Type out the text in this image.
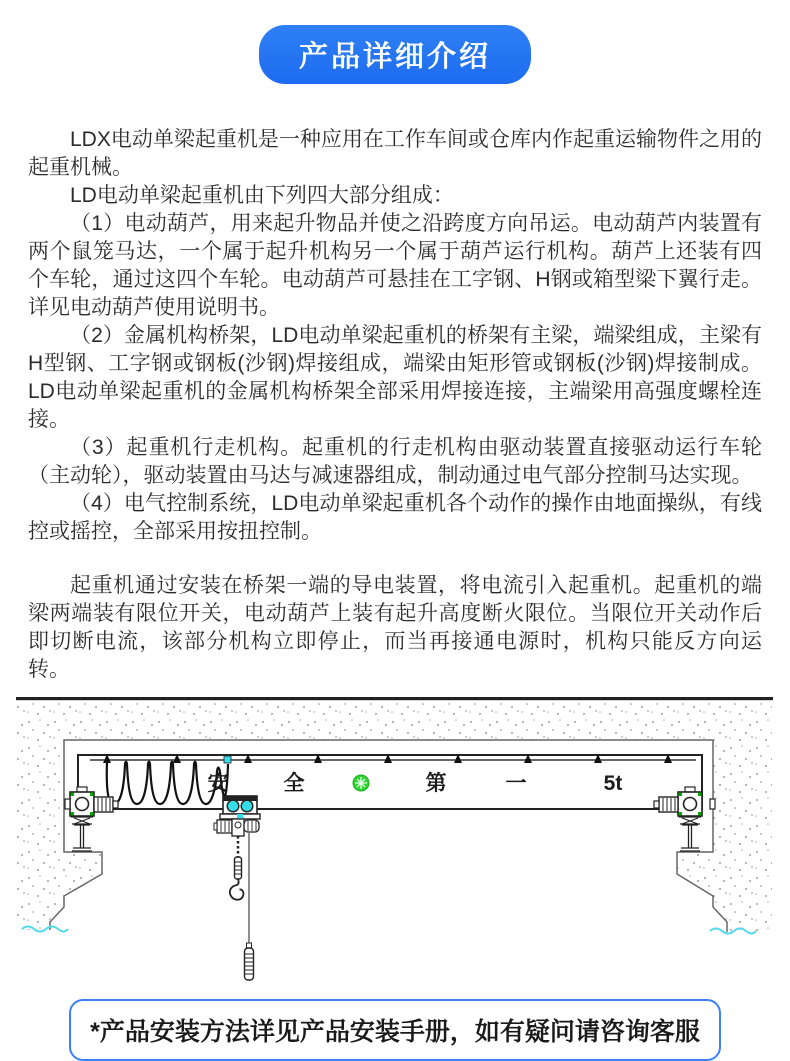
产品详细介绍

LDX电动单梁起重机是一种应用在工作车间或仓库内作起重运输物件之用的起重机械。

LD电动单梁起重机由下列四大部分组成：

（1）电动葫芦，用来起升物品并使之沿跨度方向吊运。电动葫芦内装置有两个鼠笼马达，一个属于起升机构另一个属于葫芦运行机构。葫芦上还装有四个车轮，通过这四个车轮。电动葫芦可悬挂在工字钢、H钢或箱型梁下翼行走。详见电动葫芦使用说明书。

（2）金属机构桥架，LD电动单梁起重机的桥架有主梁，端梁组成，主梁有H型钢、工字钢或钢板(沙钢)焊接组成，端梁由矩形管或钢板(沙钢)焊接制成。LD电动单梁起重机的金属机构桥架全部采用焊接连接，主端梁用高强度螺栓连接。

（3）起重机行走机构。起重机的行走机构由驱动装置直接驱动运行车轮（主动轮），驱动装置由马达与减速器组成，制动通过电气部分控制马达实现。

（4）电气控制系统，LD电动单梁起重机各个动作的操作由地面操纵，有线控或摇控，全部采用按扭控制。

起重机通过安装在桥架一端的导电装置，将电流引入起重机。起重机的端梁两端装有限位开关，电动葫芦上装有起升高度断火限位。当限位开关动作后即切断电流，该部分机构立即停止，而当再接通电源时，机构只能反方向运转。

安	全	第	一	5t
*产品安装方法详见产品安装手册，如有疑问请咨询客服
